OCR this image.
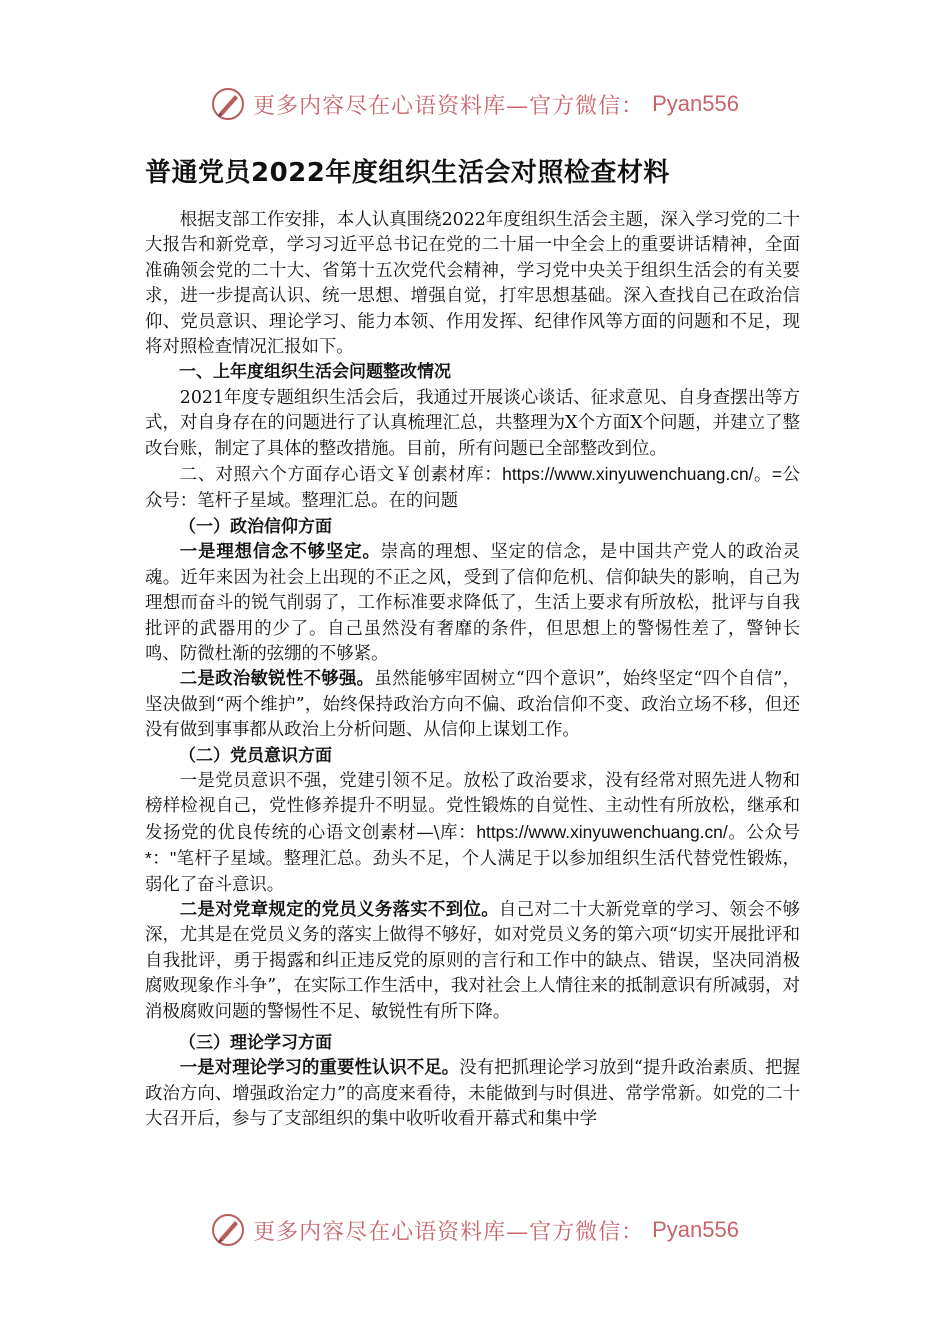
更多内容尽在心语资料库—官方微信： Pyan556
普通党员2022年度组织生活会对照检查材料

根据支部工作安排，本人认真围绕2022年度组织生活会主题，深入学习党的二十大报告和新党章，学习习近平总书记在党的二十届一中全会上的重要讲话精神，全面准确领会党的二十大、省第十五次党代会精神，学习党中央关于组织生活会的有关要求，进一步提高认识、统一思想、增强自觉，打牢思想基础。深入查找自己在政治信仰、党员意识、理论学习、能力本领、作用发挥、纪律作风等方面的问题和不足，现将对照检查情况汇报如下。

一、上年度组织生活会问题整改情况

2021年度专题组织生活会后，我通过开展谈心谈话、征求意见、自身查摆出等方式，对自身存在的问题进行了认真梳理汇总，共整理为X个方面X个问题，并建立了整改台账，制定了具体的整改措施。目前，所有问题已全部整改到位。

二、对照六个方面存心语文￥创素材库：https://www.xinyuwenchuang.cn/。=公众号：笔杆子星域。整理汇总。在的问题

（一）政治信仰方面

一是理想信念不够坚定。崇高的理想、坚定的信念，是中国共产党人的政治灵魂。近年来因为社会上出现的不正之风，受到了信仰危机、信仰缺失的影响，自己为理想而奋斗的锐气削弱了，工作标准要求降低了，生活上要求有所放松，批评与自我批评的武器用的少了。自己虽然没有奢靡的条件，但思想上的警惕性差了，警钟长鸣、防微杜渐的弦绷的不够紧。

二是政治敏锐性不够强。虽然能够牢固树立“四个意识”，始终坚定“四个自信”，坚决做到“两个维护”，始终保持政治方向不偏、政治信仰不变、政治立场不移，但还没有做到事事都从政治上分析问题、从信仰上谋划工作。

（二）党员意识方面

一是党员意识不强，党建引领不足。放松了政治要求，没有经常对照先进人物和榜样检视自己，党性修养提升不明显。党性锻炼的自觉性、主动性有所放松，继承和发扬党的优良传统的心语文创素材—\库：https://www.xinyuwenchuang.cn/。公众号*："笔杆子星域。整理汇总。劲头不足，个人满足于以参加组织生活代替党性锻炼，弱化了奋斗意识。

二是对党章规定的党员义务落实不到位。自己对二十大新党章的学习、领会不够深，尤其是在党员义务的落实上做得不够好，如对党员义务的第六项“切实开展批评和自我批评，勇于揭露和纠正违反党的原则的言行和工作中的缺点、错误，坚决同消极腐败现象作斗争”，在实际工作生活中，我对社会上人情往来的抵制意识有所减弱，对消极腐败问题的警惕性不足、敏锐性有所下降。

（三）理论学习方面

一是对理论学习的重要性认识不足。没有把抓理论学习放到“提升政治素质、把握政治方向、增强政治定力”的高度来看待，未能做到与时俱进、常学常新。如党的二十大召开后，参与了支部组织的集中收听收看开幕式和集中学

更多内容尽在心语资料库—官方微信： Pyan556
